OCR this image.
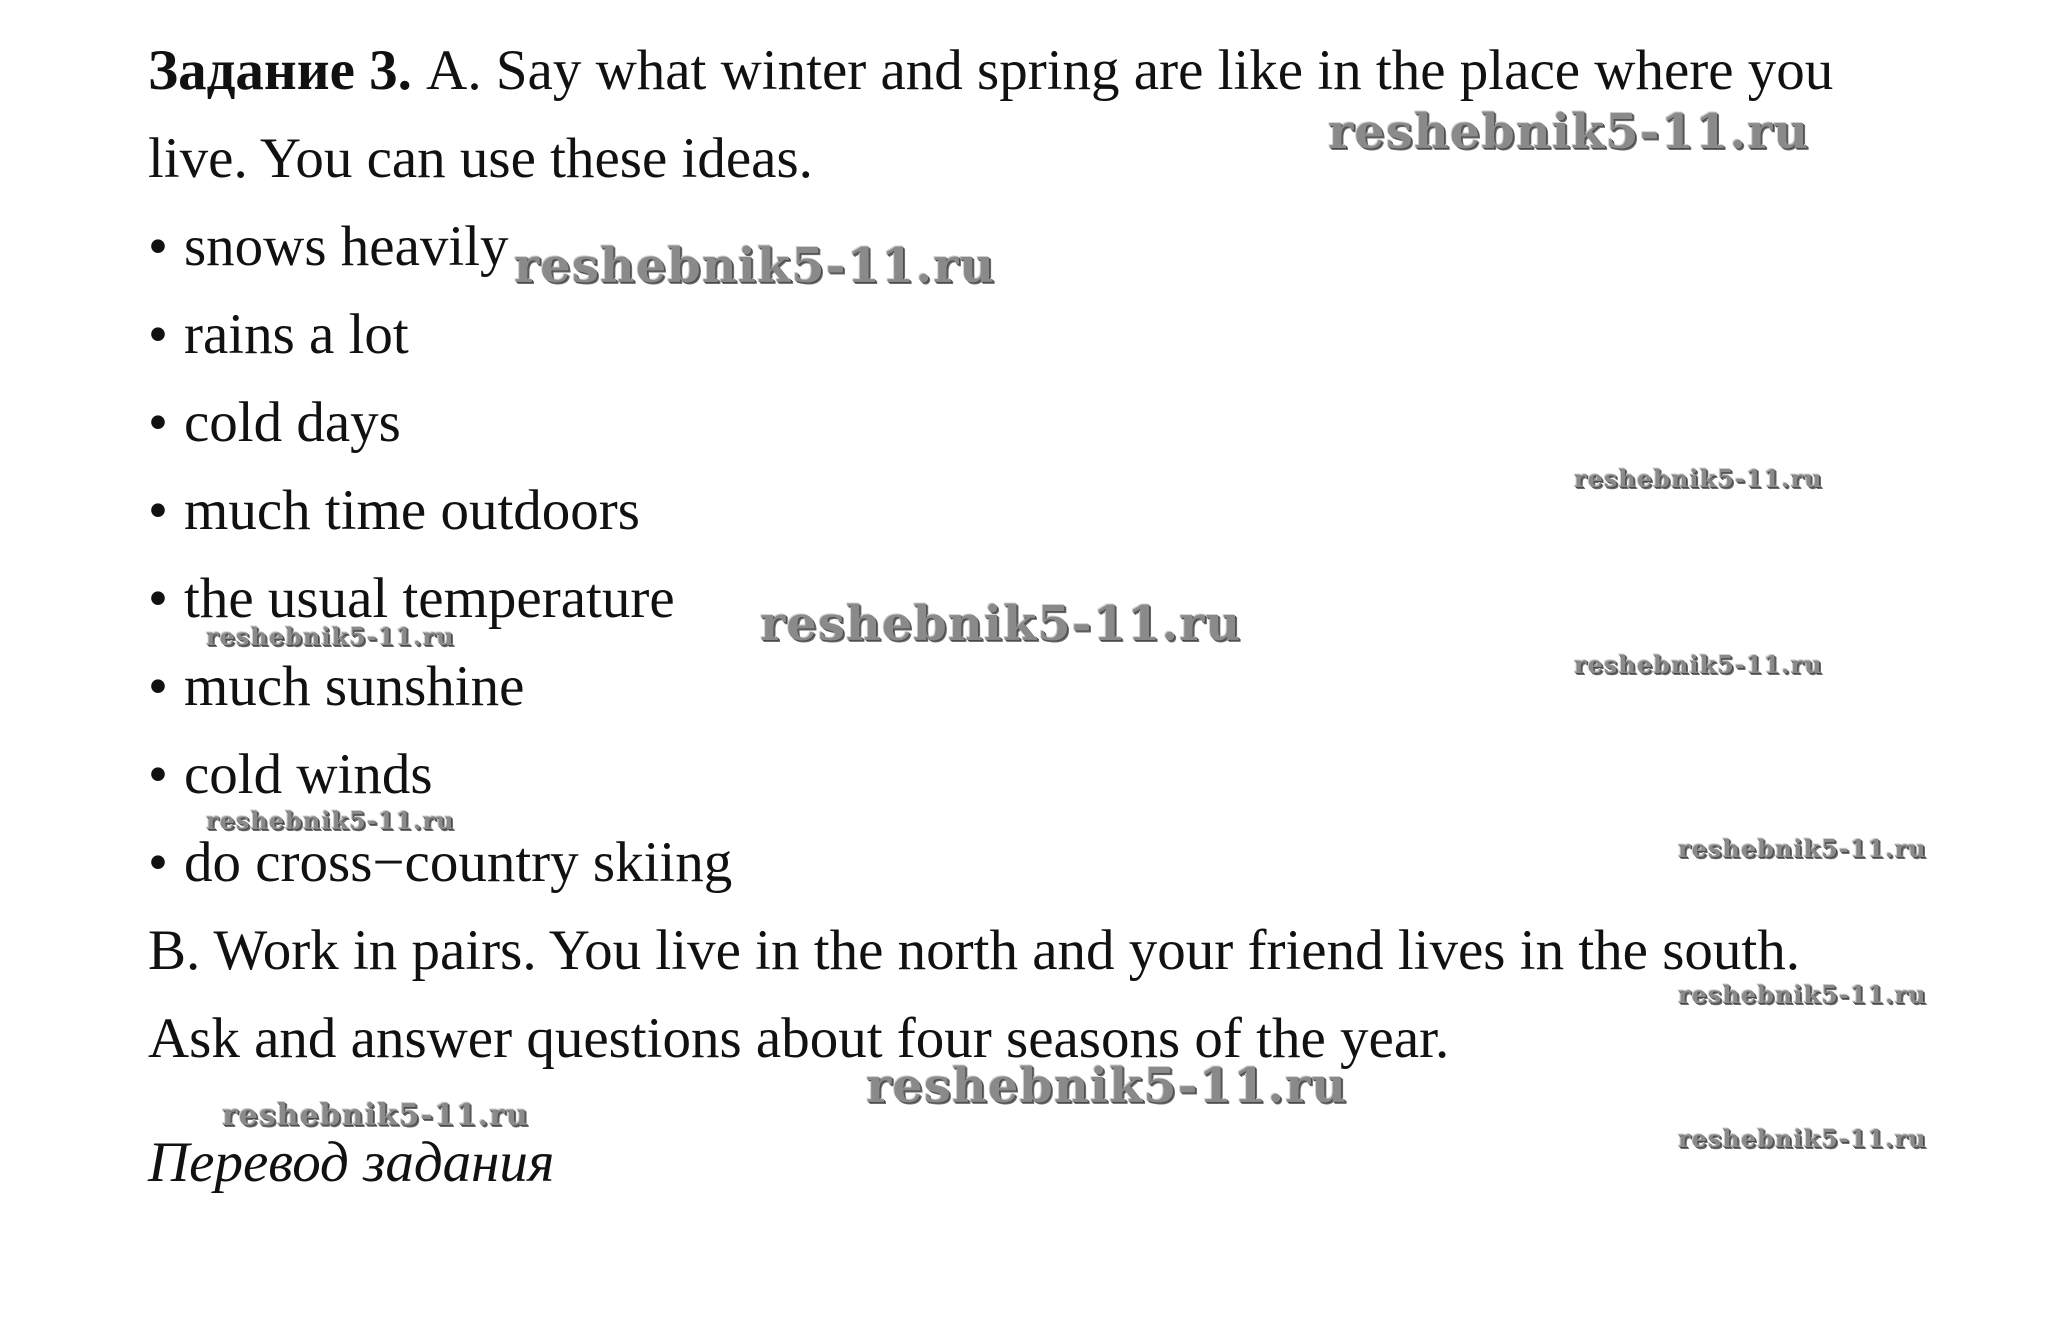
Задание 3. A. Say what winter and spring are like in the place where you
live. You can use these ideas.
• snows heavily
• rains a lot
• cold days
• much time outdoors
• the usual temperature
• much sunshine
• cold winds
• do cross−country skiing
B. Work in pairs. You live in the north and your friend lives in the south.
Ask and answer questions about four seasons of the year.
Перевод задания
reshebnik5-11.ru
reshebnik5-11.ru
reshebnik5-11.ru
reshebnik5-11.ru
reshebnik5-11.ru
reshebnik5-11.ru
reshebnik5-11.ru
reshebnik5-11.ru
reshebnik5-11.ru
reshebnik5-11.ru
reshebnik5-11.ru
reshebnik5-11.ru
